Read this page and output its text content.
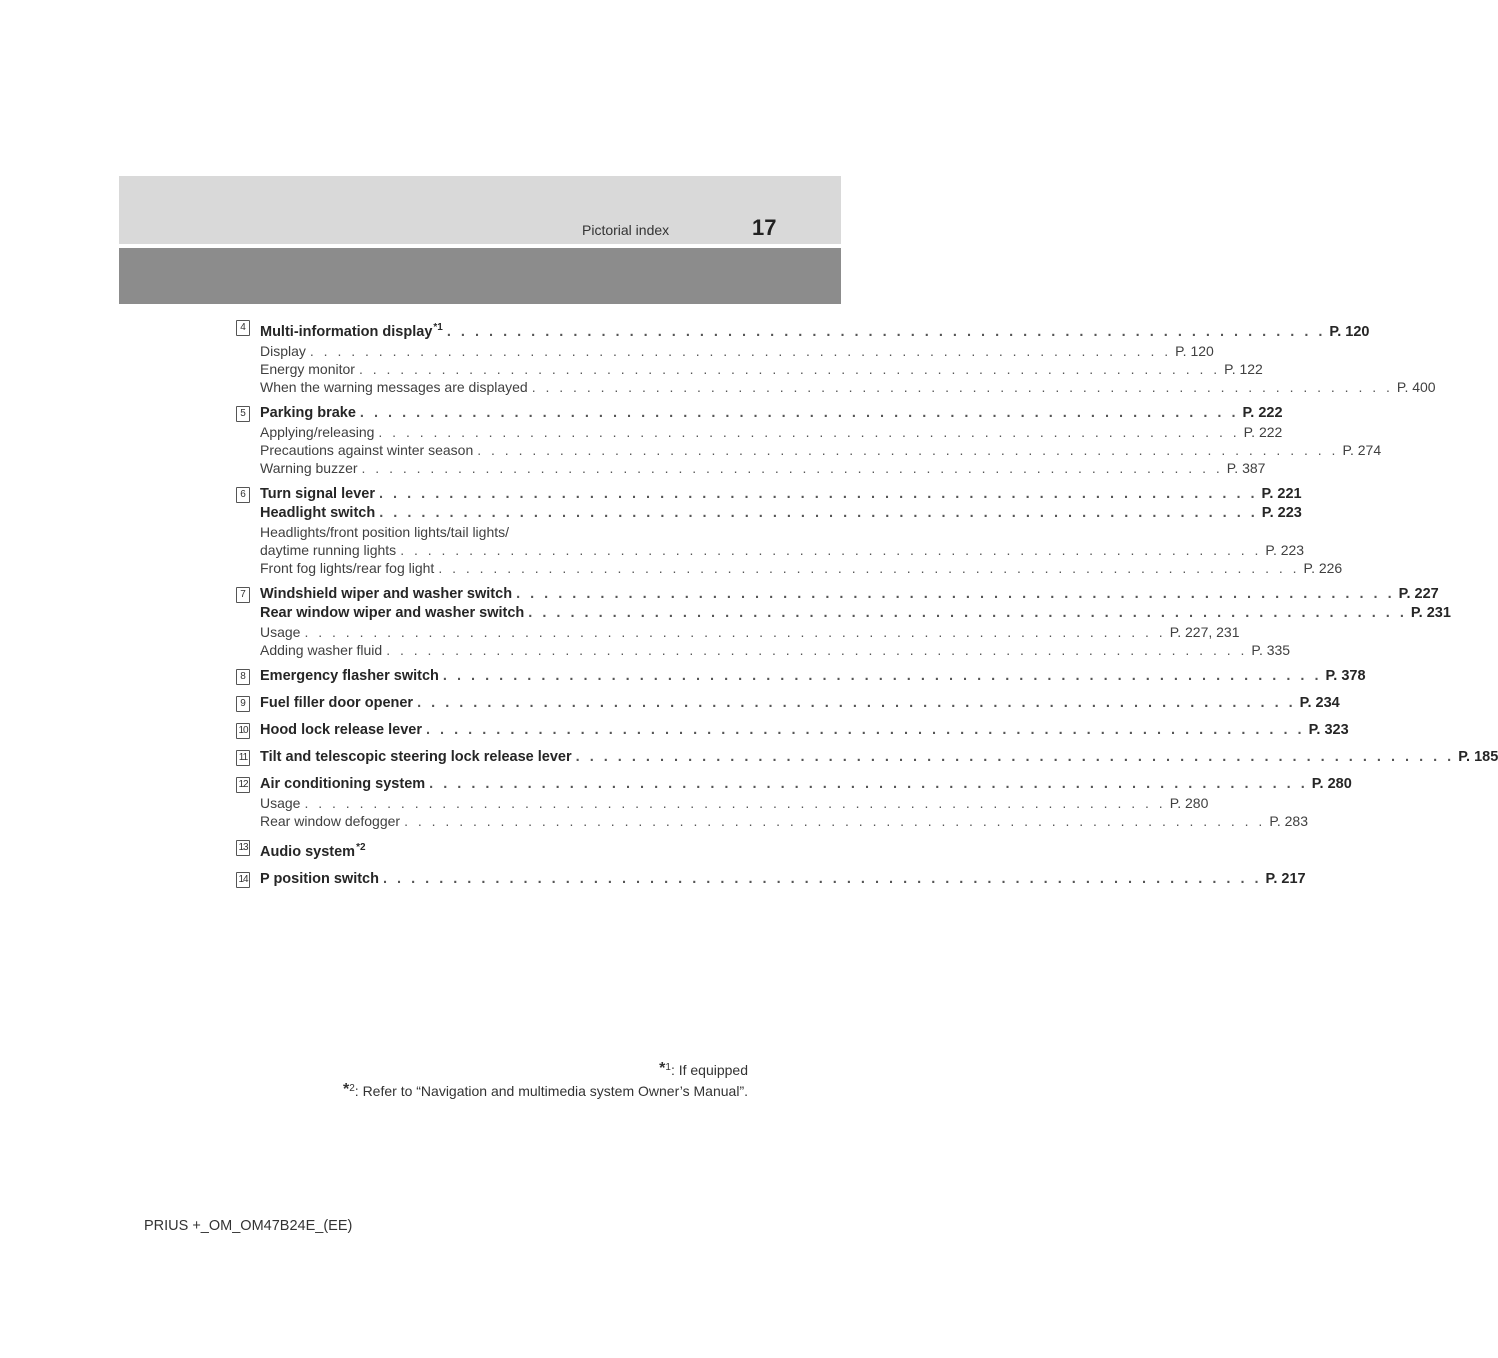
Pictorial index	17
4 Multi-information display$^{*1}$ . . . . . . . . . . . . . . . . . . . . . . . . . . . . . . . . . . . . . . . . . . . . . . . . . . . . . . . . . . . . . . . P. 120
Display . . . . . . . . . . . . . . . . . . . . . . . . . . . . . . . . . . . . . . . . . . . . . . . . . . . . . . . . . . . . . . . P. 120
Energy monitor . . . . . . . . . . . . . . . . . . . . . . . . . . . . . . . . . . . . . . . . . . . . . . . . . . . . . . . . . . . . . . . P. 122
When the warning messages are displayed . . . . . . . . . . . . . . . . . . . . . . . . . . . . . . . . . . . . . . . . . . . . . . . . . . . . . . . . . . . . . . . P. 400
5 Parking brake . . . . . . . . . . . . . . . . . . . . . . . . . . . . . . . . . . . . . . . . . . . . . . . . . . . . . . . . . . . . . . . P. 222
Applying/releasing . . . . . . . . . . . . . . . . . . . . . . . . . . . . . . . . . . . . . . . . . . . . . . . . . . . . . . . . . . . . . . . P. 222
Precautions against winter season . . . . . . . . . . . . . . . . . . . . . . . . . . . . . . . . . . . . . . . . . . . . . . . . . . . . . . . . . . . . . . . P. 274
Warning buzzer . . . . . . . . . . . . . . . . . . . . . . . . . . . . . . . . . . . . . . . . . . . . . . . . . . . . . . . . . . . . . . . P. 387
6 Turn signal lever . . . . . . . . . . . . . . . . . . . . . . . . . . . . . . . . . . . . . . . . . . . . . . . . . . . . . . . . . . . . . . . P. 221
Headlight switch . . . . . . . . . . . . . . . . . . . . . . . . . . . . . . . . . . . . . . . . . . . . . . . . . . . . . . . . . . . . . . . P. 223
Headlights/front position lights/tail lights/
daytime running lights . . . . . . . . . . . . . . . . . . . . . . . . . . . . . . . . . . . . . . . . . . . . . . . . . . . . . . . . . . . . . . . P. 223
Front fog lights/rear fog light . . . . . . . . . . . . . . . . . . . . . . . . . . . . . . . . . . . . . . . . . . . . . . . . . . . . . . . . . . . . . . . P. 226
7 Windshield wiper and washer switch . . . . . . . . . . . . . . . . . . . . . . . . . . . . . . . . . . . . . . . . . . . . . . . . . . . . . . . . . . . . . . . P. 227
Rear window wiper and washer switch . . . . . . . . . . . . . . . . . . . . . . . . . . . . . . . . . . . . . . . . . . . . . . . . . . . . . . . . . . . . . . . P. 231
Usage . . . . . . . . . . . . . . . . . . . . . . . . . . . . . . . . . . . . . . . . . . . . . . . . . . . . . . . . . . . . . . . P. 227, 231
Adding washer fluid . . . . . . . . . . . . . . . . . . . . . . . . . . . . . . . . . . . . . . . . . . . . . . . . . . . . . . . . . . . . . . . P. 335
8 Emergency flasher switch . . . . . . . . . . . . . . . . . . . . . . . . . . . . . . . . . . . . . . . . . . . . . . . . . . . . . . . . . . . . . . . P. 378
9 Fuel filler door opener . . . . . . . . . . . . . . . . . . . . . . . . . . . . . . . . . . . . . . . . . . . . . . . . . . . . . . . . . . . . . . . P. 234
10 Hood lock release lever . . . . . . . . . . . . . . . . . . . . . . . . . . . . . . . . . . . . . . . . . . . . . . . . . . . . . . . . . . . . . . . P. 323
11 Tilt and telescopic steering lock release lever . . . . . . . . . . . . . . . . . . . . . . . . . . . . . . . . . . . . . . . . . . . . . . . . . . . . . . . . . . . . . . . P. 185
12 Air conditioning system . . . . . . . . . . . . . . . . . . . . . . . . . . . . . . . . . . . . . . . . . . . . . . . . . . . . . . . . . . . . . . . P. 280
Usage . . . . . . . . . . . . . . . . . . . . . . . . . . . . . . . . . . . . . . . . . . . . . . . . . . . . . . . . . . . . . . . P. 280
Rear window defogger . . . . . . . . . . . . . . . . . . . . . . . . . . . . . . . . . . . . . . . . . . . . . . . . . . . . . . . . . . . . . . . P. 283
13 Audio system$^{*2}$
14 P position switch . . . . . . . . . . . . . . . . . . . . . . . . . . . . . . . . . . . . . . . . . . . . . . . . . . . . . . . . . . . . . . . P. 217
*$^1$: If equipped
*$^2$: Refer to “Navigation and multimedia system Owner’s Manual”.
PRIUS +_OM_OM47B24E_(EE)
